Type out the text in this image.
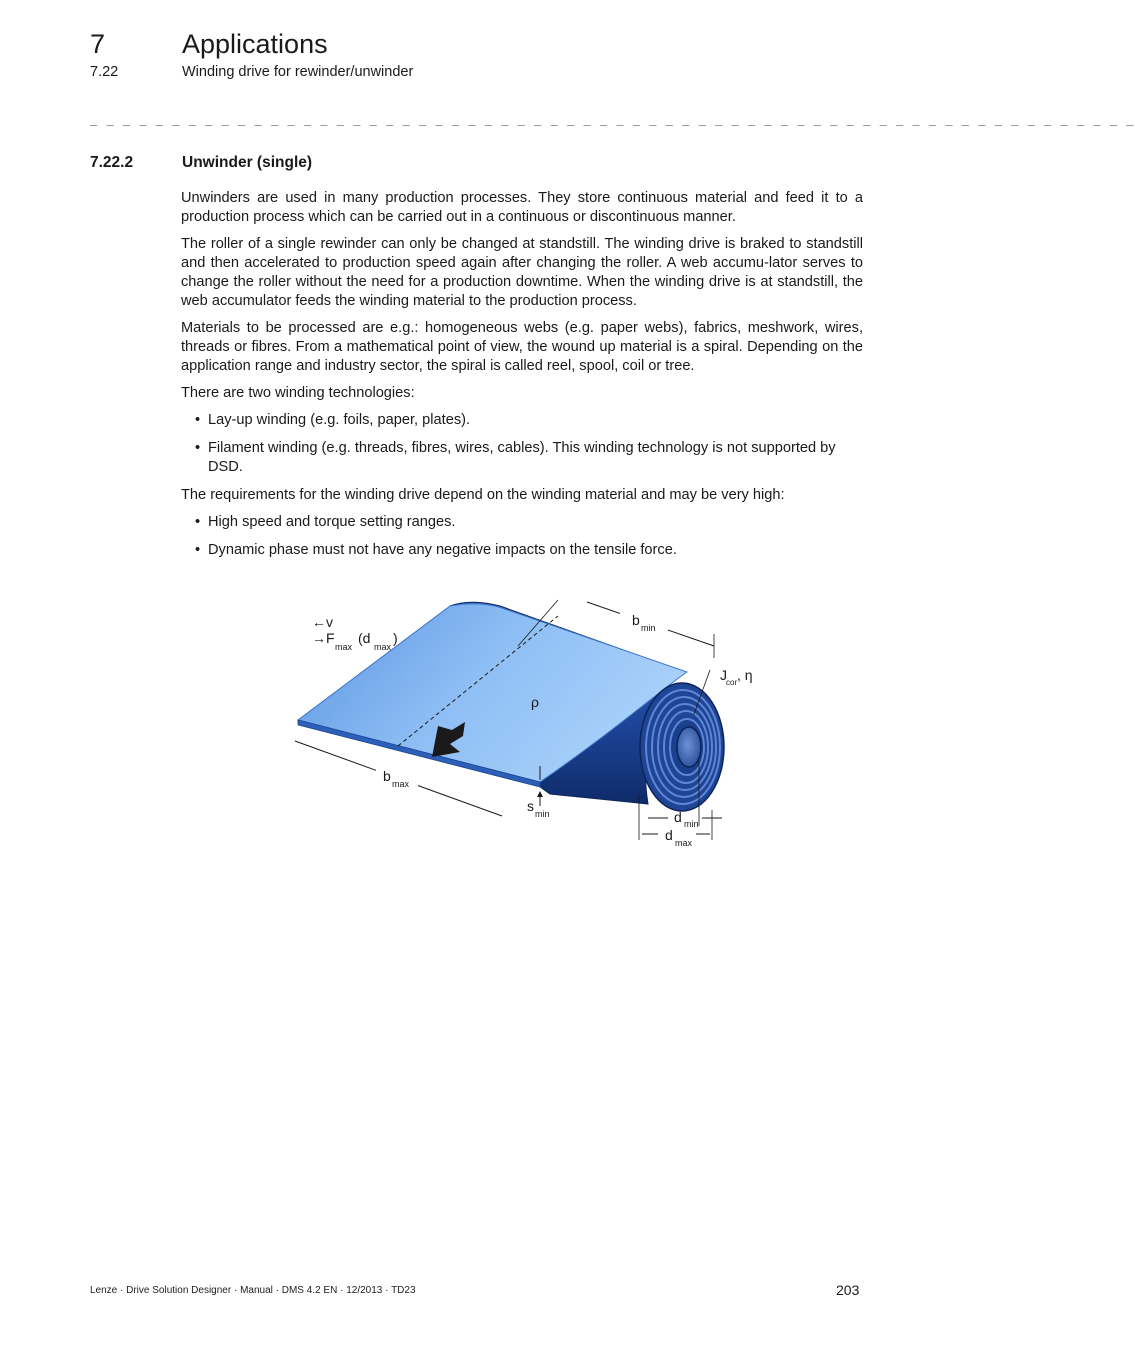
7	Applications
7.22	Winding drive for rewinder/unwinder
_ _ _ _ _ _ _ _ _ _ _ _ _ _ _ _ _ _ _ _ _ _ _ _ _ _ _ _ _ _ _ _ _ _ _ _ _ _ _ _ _ _ _ _ _ _ _ _ _ _ _ _ _ _ _ _ _ _ _ _ _ _ _ _
7.22.2	Unwinder (single)

Unwinders are used in many production processes. They store continuous material and feed it to a production process which can be carried out in a continuous or discontinuous manner.

The roller of a single rewinder can only be changed at standstill. The winding drive is braked to standstill and then accelerated to production speed again after changing the roller. A web accumu-lator serves to change the roller without the need for a production downtime. When the winding drive is at standstill, the web accumulator feeds the winding material to the production process.

Materials to be processed are e.g.: homogeneous webs (e.g. paper webs), fabrics, meshwork, wires, threads or fibres. From a mathematical point of view, the wound up material is a spiral. Depending on the application range and industry sector, the spiral is called reel, spool, coil or tree.

There are two winding technologies:

• Lay-up winding (e.g. foils, paper, plates).
• Filament winding (e.g. threads, fibres, wires, cables). This winding technology is not supported by DSD.

The requirements for the winding drive depend on the winding material and may be very high:

• High speed and torque setting ranges.
• Dynamic phase must not have any negative impacts on the tensile force.
←v
→F
max
(d
max
)
b min
J cor , η
ρ
b max
s min	d min
d max
Lenze · Drive Solution Designer · Manual · DMS 4.2 EN · 12/2013 · TD23	203
